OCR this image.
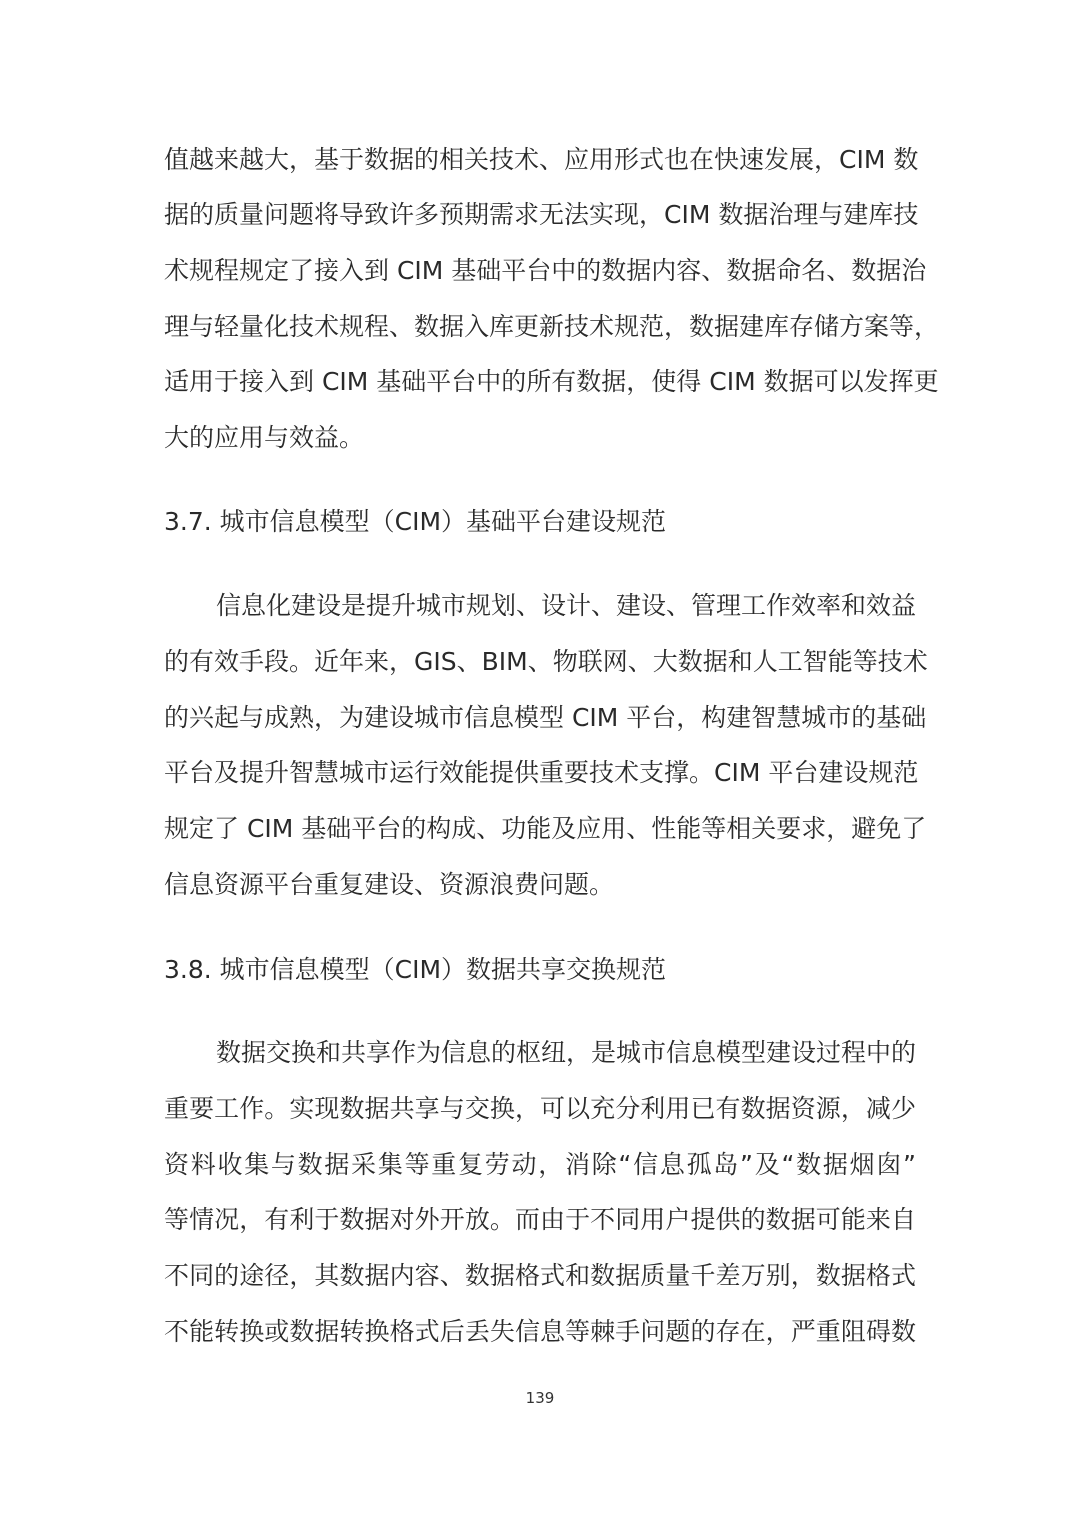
值越来越大，基于数据的相关技术、应用形式也在快速发展，CIM 数
据的质量问题将导致许多预期需求无法实现，CIM 数据治理与建库技
术规程规定了接入到 CIM 基础平台中的数据内容、数据命名、数据治
理与轻量化技术规程、数据入库更新技术规范，数据建库存储方案等，
适用于接入到 CIM 基础平台中的所有数据，使得 CIM 数据可以发挥更
大的应用与效益。
3.7. 城市信息模型（CIM）基础平台建设规范
信息化建设是提升城市规划、设计、建设、管理工作效率和效益
的有效手段。近年来，GIS、BIM、物联网、大数据和人工智能等技术
的兴起与成熟，为建设城市信息模型 CIM 平台，构建智慧城市的基础
平台及提升智慧城市运行效能提供重要技术支撑。CIM 平台建设规范
规定了 CIM 基础平台的构成、功能及应用、性能等相关要求，避免了
信息资源平台重复建设、资源浪费问题。
3.8. 城市信息模型（CIM）数据共享交换规范
数据交换和共享作为信息的枢纽，是城市信息模型建设过程中的
重要工作。实现数据共享与交换，可以充分利用已有数据资源，减少
资料收集与数据采集等重复劳动，消除“信息孤岛”及“数据烟囱”
等情况，有利于数据对外开放。而由于不同用户提供的数据可能来自
不同的途径，其数据内容、数据格式和数据质量千差万别，数据格式
不能转换或数据转换格式后丢失信息等棘手问题的存在，严重阻碍数
139
